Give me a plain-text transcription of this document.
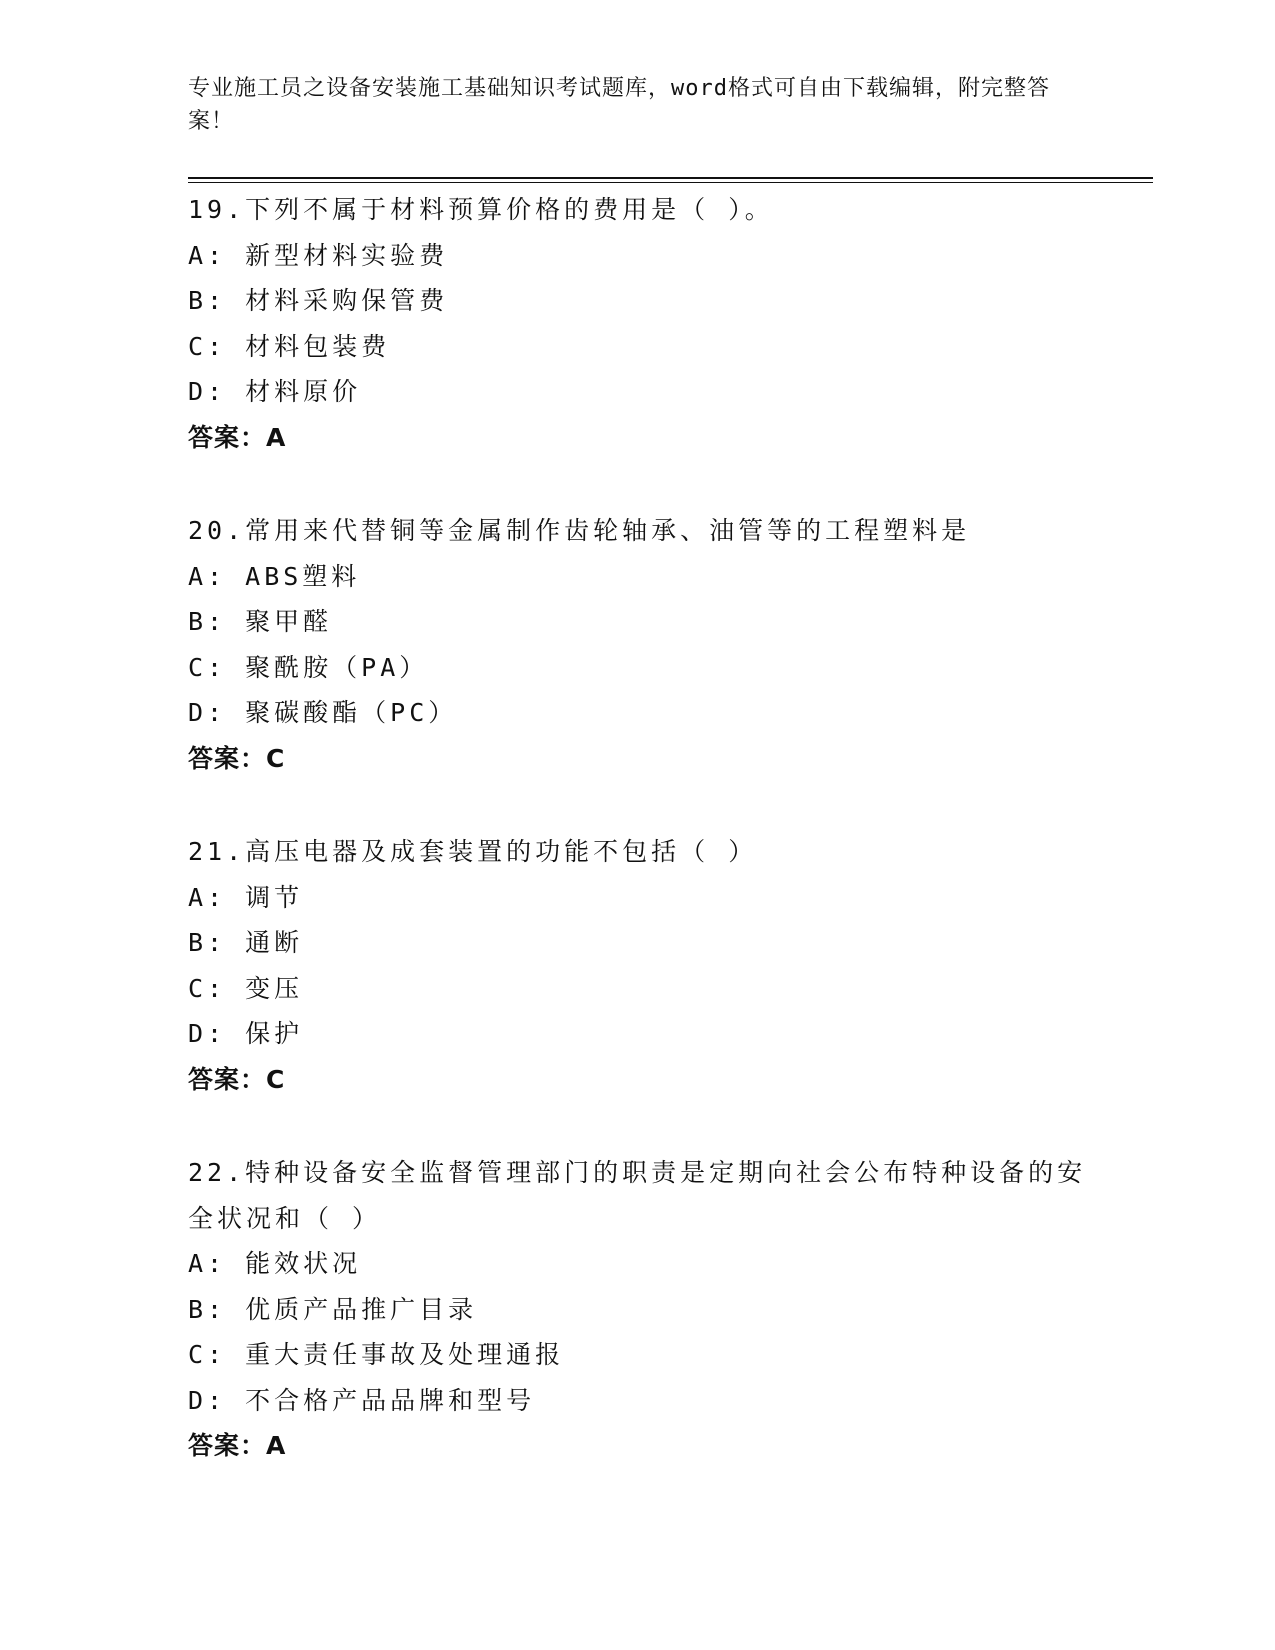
专业施工员之设备安装施工基础知识考试题库，word格式可自由下载编辑，附完整答案！
19.下列不属于材料预算价格的费用是（ ）。
A: 新型材料实验费
B: 材料采购保管费
C: 材料包装费
D: 材料原价
答案：A
20.常用来代替铜等金属制作齿轮轴承、油管等的工程塑料是
A: ABS塑料
B: 聚甲醛
C: 聚酰胺（PA）
D: 聚碳酸酯（PC）
答案：C
21.高压电器及成套装置的功能不包括（ ）
A: 调节
B: 通断
C: 变压
D: 保护
答案：C
22.特种设备安全监督管理部门的职责是定期向社会公布特种设备的安全状况和（ ）
A: 能效状况
B: 优质产品推广目录
C: 重大责任事故及处理通报
D: 不合格产品品牌和型号
答案：A
